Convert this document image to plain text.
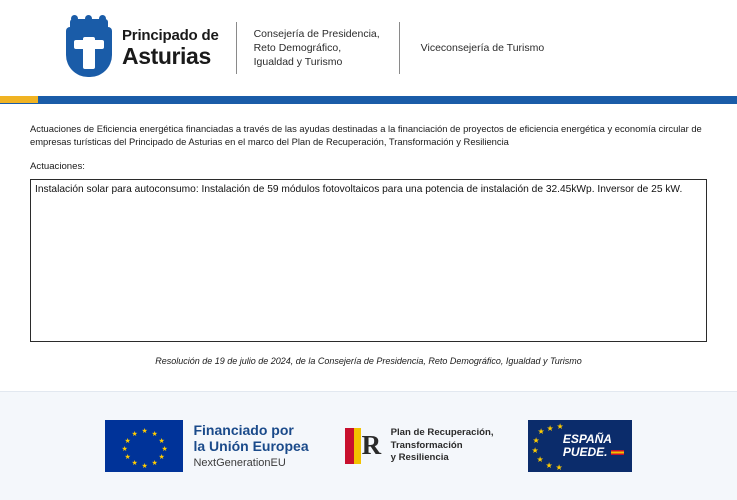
Principado de
Asturias
Consejería de Presidencia,
Reto Demográfico,
Igualdad y Turismo
Viceconsejería de Turismo
Actuaciones de Eficiencia energética financiadas a través de las ayudas destinadas a la financiación de proyectos de eficiencia energética y economía circular de empresas turísticas del Principado de Asturias en el marco del Plan de Recuperación, Transformación y Resiliencia
Actuaciones:
Instalación solar para autoconsumo: Instalación de 59 módulos fotovoltaicos para una potencia de instalación de 32.45kWp. Inversor de 25 kW.
Resolución de 19 de julio de 2024, de la Consejería de Presidencia, Reto Demográfico, Igualdad y Turismo
★ ★
★
★
★
★
★
★
★
★
★
★	Financiado por
la Unión Europea
NextGenerationEU
R Plan de Recuperación,
Transformación
y Resiliencia
★
★
★
★
★ ★
★ ★
ESPAÑA
PUEDE.
